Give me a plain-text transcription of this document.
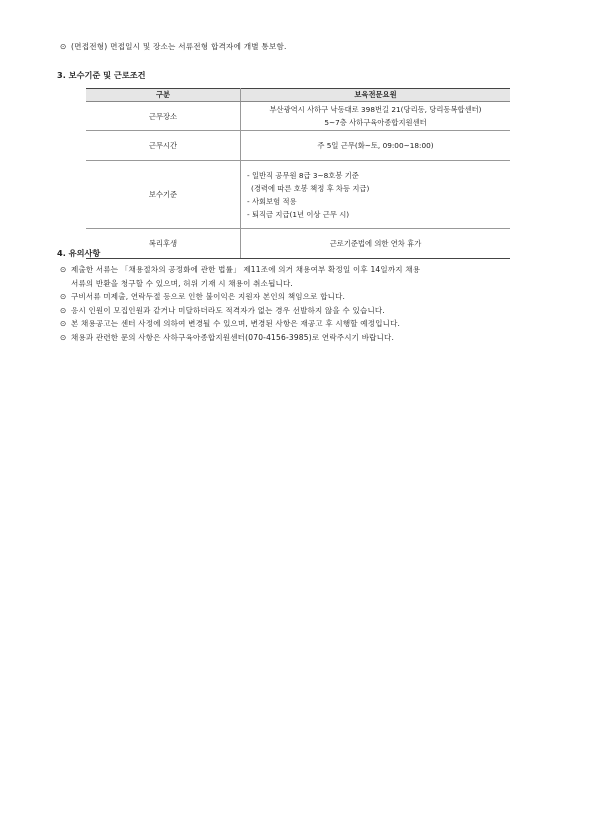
⊙ (면접전형) 면접일시 및 장소는 서류전형 합격자에 개별 통보함.
3. 보수기준 및 근로조건
구분	보육전문요원
근무장소	부산광역시 사하구 낙동대로 398번길 21(당리동, 당리동복합센터)
5~7층 사하구육아종합지원센터

근무시간	주 5일 근무(화~토, 09:00~18:00)

보수기준	- 일반직 공무원 8급 3~8호봉 기준
(경력에 따른 호봉 책정 후 차등 지급)
- 사회보험 적용
- 퇴직금 지급(1년 이상 근무 시)

복리후생	근로기준법에 의한 연차 휴가
4. 유의사항
⊙ 제출한 서류는 「채용절차의 공정화에 관한 법률」 제11조에 의거 채용여부 확정일 이후 14일까지 채용
서류의 반환을 청구할 수 있으며, 허위 기재 시 채용이 취소됩니다.
⊙ 구비서류 미제출, 연락두절 등으로 인한 불이익은 지원자 본인의 책임으로 합니다.
⊙ 응시 인원이 모집인원과 같거나 미달하더라도 적격자가 없는 경우 선발하지 않을 수 있습니다.
⊙ 본 채용공고는 센터 사정에 의하여 변경될 수 있으며, 변경된 사항은 재공고 후 시행할 예정입니다.
⊙ 채용과 관련한 문의 사항은 사하구육아종합지원센터(070-4156-3985)로 연락주시기 바랍니다.
